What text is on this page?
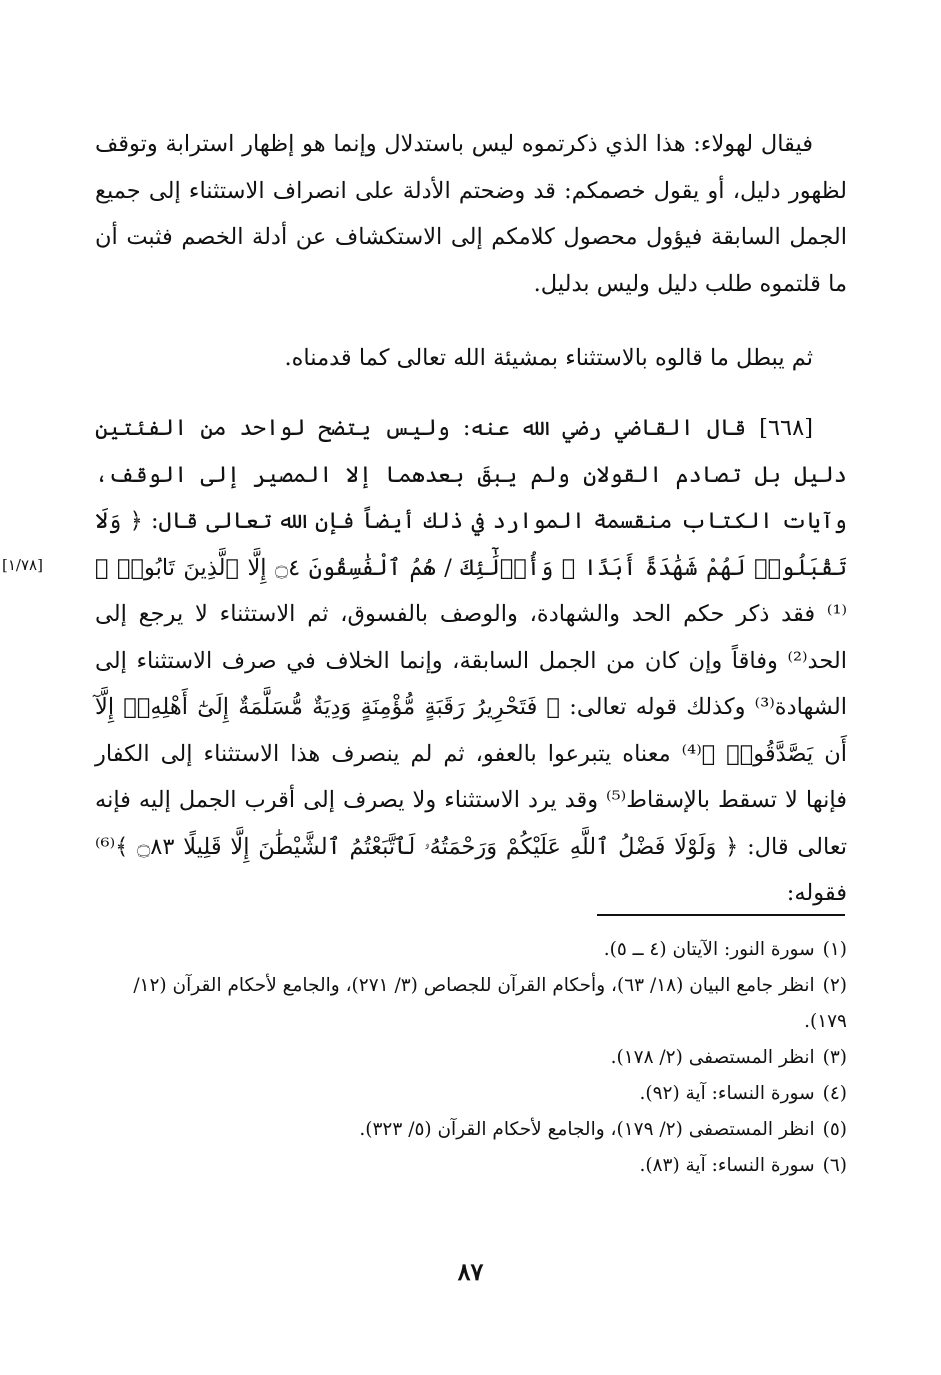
فيقال لهولاء: هذا الذي ذكرتموه ليس باستدلال وإنما هو إظهار استرابة وتوقف لظهور دليل، أو يقول خصمكم: قد وضحتم الأدلة على انصراف الاستثناء إلى جميع الجمل السابقة فيؤول محصول كلامكم إلى الاستكشاف عن أدلة الخصم فثبت أن ما قلتموه طلب دليل وليس بدليل.

ثم يبطل ما قالوه بالاستثناء بمشيئة الله تعالى كما قدمناه.

[٦٦٨] قال القاضي رضي الله عنه: وليس يتضح لواحد من الفئتين دليل بل تصادم القولان ولم يبقَ بعدهما إلا المصير إلى الوقف، وآيات الكتاب منقسمة الموارد في ذلك أيضاً فإن الله تعالى قال: ﴿ وَلَا تَقْبَلُوا۟ لَهُمْ شَهَٰدَةً أَبَدًا ۚ وَأُو۟لَٰٓئِكَ / هُمُ ٱلْفَٰسِقُونَ ۝٤ إِلَّا ٱلَّذِينَ تَابُوا۟ ﴾⁽¹⁾ فقد ذكر حكم الحد والشهادة، والوصف بالفسوق، ثم الاستثناء لا يرجع إلى الحد⁽²⁾ وفاقاً وإن كان من الجمل السابقة، وإنما الخلاف في صرف الاستثناء إلى الشهادة⁽³⁾ وكذلك قوله تعالى: ﴿ فَتَحْرِيرُ رَقَبَةٍ مُّؤْمِنَةٍ وَدِيَةٌ مُّسَلَّمَةٌ إِلَىٰٓ أَهْلِهِۦٓ إِلَّآ أَن يَصَّدَّقُوا۟ ﴾⁽⁴⁾ معناه يتبرعوا بالعفو، ثم لم ينصرف هذا الاستثناء إلى الكفار فإنها لا تسقط بالإسقاط⁽⁵⁾ وقد يرد الاستثناء ولا يصرف إلى أقرب الجمل إليه فإنه تعالى قال: ﴿ وَلَوْلَا فَضْلُ ٱللَّهِ عَلَيْكُمْ وَرَحْمَتُهُۥ لَٱتَّبَعْتُمُ ٱلشَّيْطَٰنَ إِلَّا قَلِيلًا ۝٨٣ ﴾⁽⁶⁾ فقوله:

[١/٧٨]

(١)سورة النور: الآيتان (٤ ــ ٥).

(٢)انظر جامع البيان (١٨/ ٦٣)، وأحكام القرآن للجصاص (٣/ ٢٧١)، والجامع لأحكام القرآن (١٢/ ١٧٩).

(٣)انظر المستصفى (٢/ ١٧٨).

(٤)سورة النساء: آية (٩٢).

(٥)انظر المستصفى (٢/ ١٧٩)، والجامع لأحكام القرآن (٥/ ٣٢٣).

(٦)سورة النساء: آية (٨٣).

٨٧
